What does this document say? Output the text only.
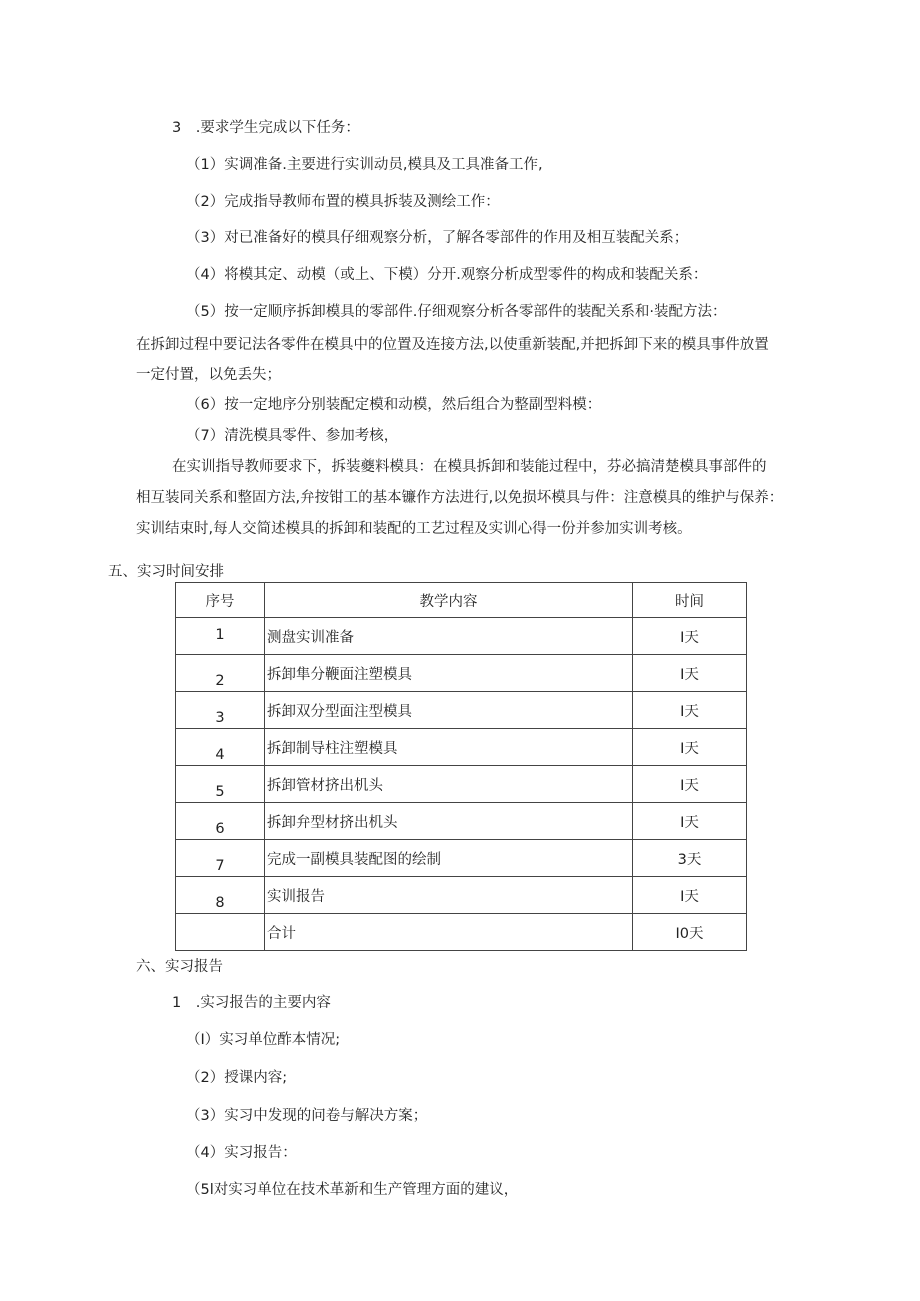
3　.要求学生完成以下任务：
（1）实调准备.主要进行实训动员,模具及工具准备工作,
（2）完成指导教师布置的模具拆装及测绘工作：
（3）对已准备好的模具仔细观察分析，了解各零部件的作用及相互装配关系；
（4）将模其定、动模（或上、下模）分开.观察分析成型零件的构成和装配关系：
（5）按一定顺序拆卸模具的零部件.仔细观察分析各零部件的装配关系和·装配方法：
在拆卸过程中要记法各零件在模具中的位置及连接方法,以使重新装配,并把拆卸下来的模具事件放置
一定付置，以免丢失；
（6）按一定地序分别装配定模和动模，然后组合为整副型料模：
（7）清洗模具零件、参加考核，
在实训指导教师要求下，拆装夔料模具：在模具拆卸和装能过程中，芬必搞清楚模具事部件的
相互装同关系和整固方法,弁按钳工的基本镰作方法进行,以免损坏模具与件：注意模具的维护与保养：
实训结束时,每人交简述模具的拆卸和装配的工艺过程及实训心得一份并参加实训考核。
五、实习时间安排
序号	教学内容	时间
1	测盘实训准备	I天
2	拆卸隼分鞭面注塑模具	I天
3	拆卸双分型面注型模具	I天
4	拆卸制导柱注塑模具	I天
5	拆卸管材挤出机头	I天
6	拆卸弁型材挤出机头	I天
7	完成一副模具装配图的绘制	3天
8	实训报告	I天
	合计	I0天
六、实习报告
1　.实习报告的主要内容
（I）实习单位酢本情况;
（2）授课内容;
（3）实习中发现的问卷与解决方案；
（4）实习报告：
（5l对实习单位在技术革新和生产管理方面的建议，
